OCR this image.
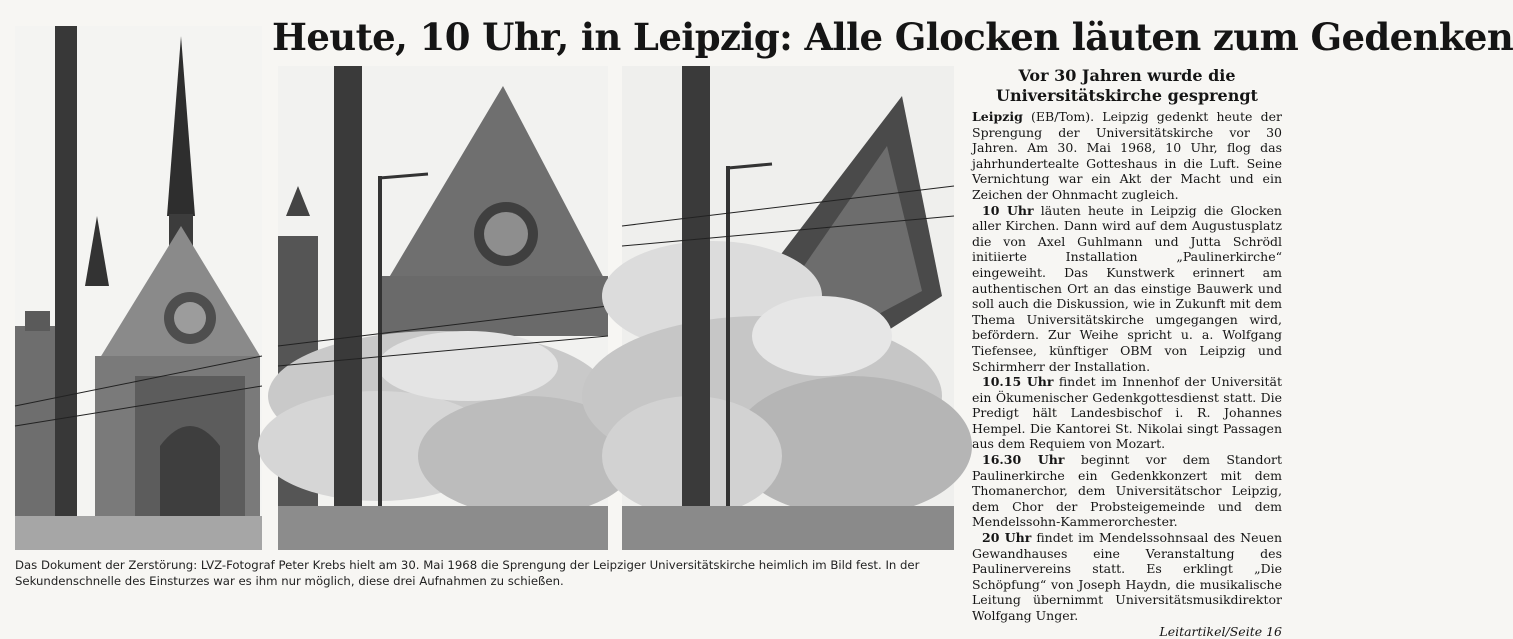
Heute, 10 Uhr, in Leipzig: Alle Glocken läuten zum Gedenken
Vor 30 Jahren wurde die
Universitätskirche gesprengt

Leipzig (EB/Tom). Leipzig gedenkt heute der Sprengung der Universitätskirche vor 30 Jahren. Am 30. Mai 1968, 10 Uhr, flog das jahrhundertealte Gotteshaus in die Luft. Seine Vernichtung war ein Akt der Macht und ein Zeichen der Ohnmacht zugleich.

10 Uhr läuten heute in Leipzig die Glocken aller Kirchen. Dann wird auf dem Augustusplatz die von Axel Guhlmann und Jutta Schrödl initiierte Installation „Paulinerkirche“ eingeweiht. Das Kunstwerk erinnert am authentischen Ort an das einstige Bauwerk und soll auch die Diskussion, wie in Zukunft mit dem Thema Universitätskirche umgegangen wird, befördern. Zur Weihe spricht u. a. Wolfgang Tiefensee, künftiger OBM von Leipzig und Schirmherr der Installation.

10.15 Uhr findet im Innenhof der Universität ein Ökumenischer Gedenkgottesdienst statt. Die Predigt hält Landesbischof i. R. Johannes Hempel. Die Kantorei St. Nikolai singt Passagen aus dem Requiem von Mozart.

16.30 Uhr beginnt vor dem Standort Paulinerkirche ein Gedenkkonzert mit dem Thomanerchor, dem Universitätschor Leipzig, dem Chor der Probsteigemeinde und dem Mendelssohn-Kammerorchester.

20 Uhr findet im Mendelssohnsaal des Neuen Gewandhauses eine Veranstaltung des Paulinervereins statt. Es erklingt „Die Schöpfung“ von Joseph Haydn, die musikalische Leitung übernimmt Universitätsmusikdirektor Wolfgang Unger.
Leitartikel/Seite 16

Das Dokument der Zerstörung: LVZ-Fotograf Peter Krebs hielt am 30. Mai 1968 die Sprengung der Leipziger Universitätskirche heimlich im Bild fest. In der Sekundenschnelle des Einsturzes war es ihm nur möglich, diese drei Aufnahmen zu schießen.
